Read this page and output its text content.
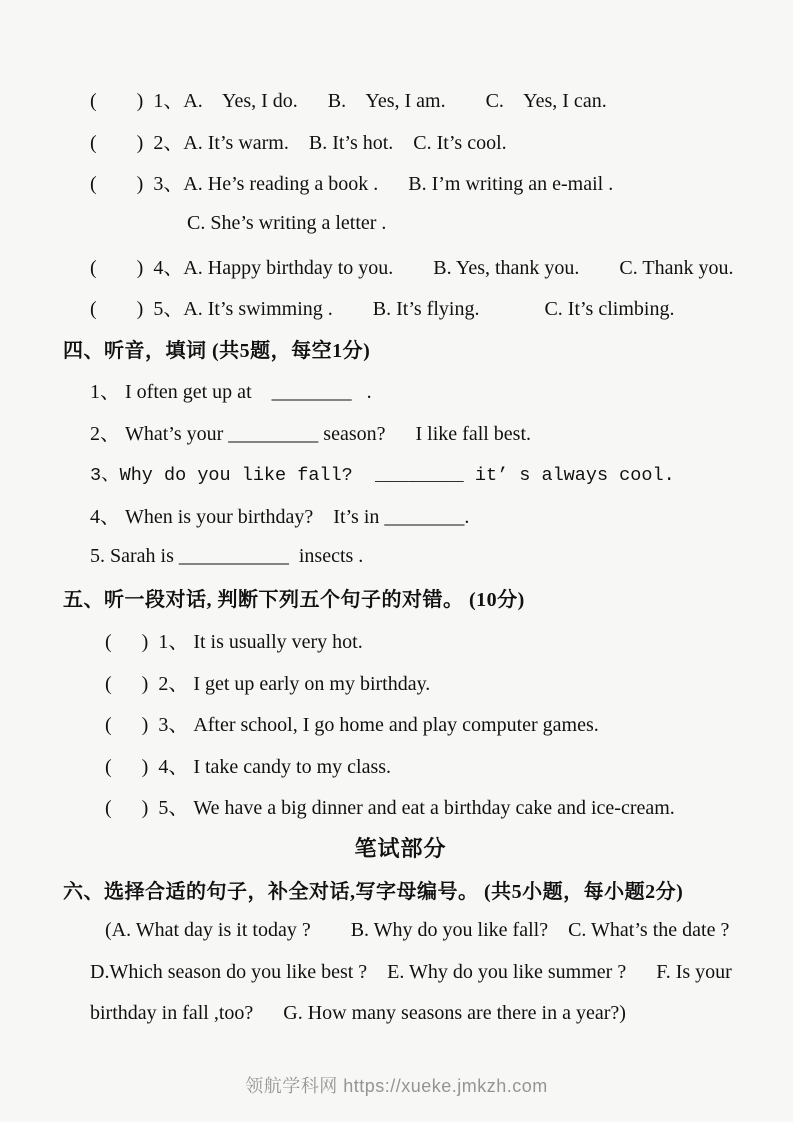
(        )  1、A.    Yes, I do.      B.    Yes, I am.        C.    Yes, I can.
(        )  2、A. It’s warm.    B. It’s hot.    C. It’s cool.
(        )  3、A. He’s reading a book .      B. I’m writing an e-mail .
C. She’s writing a letter .
(        )  4、A. Happy birthday to you.        B. Yes, thank you.        C. Thank you.
(        )  5、A. It’s swimming .        B. It’s flying.             C. It’s climbing.
四、听音，填词 (共5题，每空1分)
1、 I often get up at    ________   .
2、 What’s your _________ season?      I like fall best.
3、Why do you like fall?  ________ it’ s always cool.
4、 When is your birthday?    It’s in ________.
5. Sarah is ___________  insects .
五、听一段对话, 判断下列五个句子的对错。 (10分)
(      )  1、 It is usually very hot.
(      )  2、 I get up early on my birthday.
(      )  3、 After school, I go home and play computer games.
(      )  4、 I take candy to my class.
(      )  5、 We have a big dinner and eat a birthday cake and ice-cream.
笔试部分
六、选择合适的句子，补全对话,写字母编号。 (共5小题，每小题2分)
(A. What day is it today ?        B. Why do you like fall?    C. What’s the date ?
D.Which season do you like best ?    E. Why do you like summer ?      F. Is your
birthday in fall ,too?      G. How many seasons are there in a year?)
领航学科网 https://xueke.jmkzh.com
